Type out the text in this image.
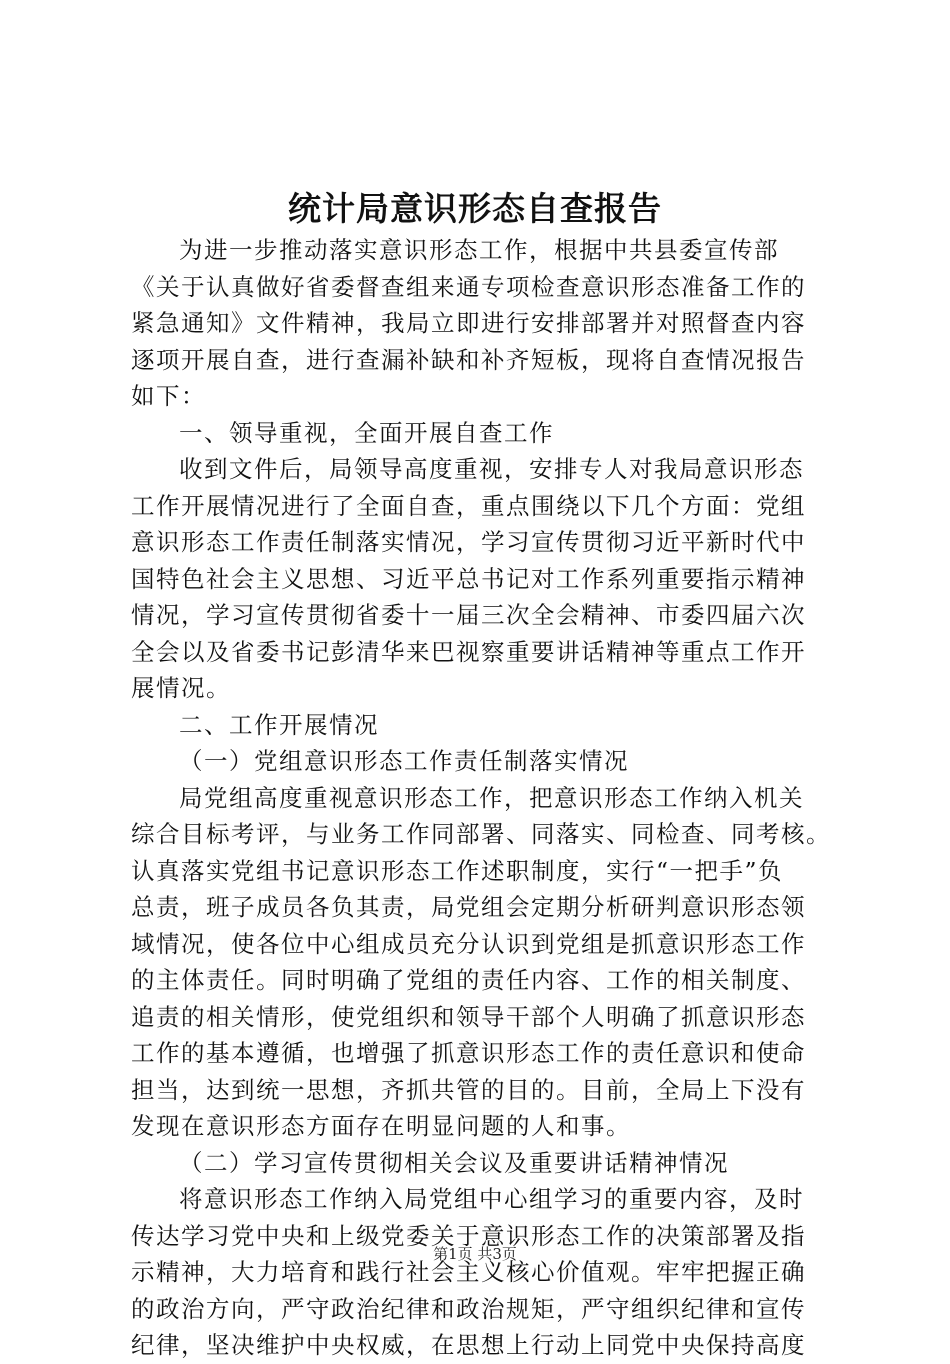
统计局意识形态自查报告
为进一步推动落实意识形态工作，根据中共县委宣传部
《关于认真做好省委督查组来通专项检查意识形态准备工作的
紧急通知》文件精神，我局立即进行安排部署并对照督查内容
逐项开展自查，进行查漏补缺和补齐短板，现将自查情况报告
如下：
一、领导重视，全面开展自查工作
收到文件后，局领导高度重视，安排专人对我局意识形态
工作开展情况进行了全面自查，重点围绕以下几个方面：党组
意识形态工作责任制落实情况，学习宣传贯彻习近平新时代中
国特色社会主义思想、习近平总书记对工作系列重要指示精神
情况，学习宣传贯彻省委十一届三次全会精神、市委四届六次
全会以及省委书记彭清华来巴视察重要讲话精神等重点工作开
展情况。
二、工作开展情况
（一）党组意识形态工作责任制落实情况
局党组高度重视意识形态工作，把意识形态工作纳入机关
综合目标考评，与业务工作同部署、同落实、同检查、同考核。
认真落实党组书记意识形态工作述职制度，实行“一把手”负
总责，班子成员各负其责，局党组会定期分析研判意识形态领
域情况，使各位中心组成员充分认识到党组是抓意识形态工作
的主体责任。同时明确了党组的责任内容、工作的相关制度、
追责的相关情形，使党组织和领导干部个人明确了抓意识形态
工作的基本遵循，也增强了抓意识形态工作的责任意识和使命
担当，达到统一思想，齐抓共管的目的。目前，全局上下没有
发现在意识形态方面存在明显问题的人和事。
（二）学习宣传贯彻相关会议及重要讲话精神情况
将意识形态工作纳入局党组中心组学习的重要内容，及时
传达学习党中央和上级党委关于意识形态工作的决策部署及指
示精神，大力培育和践行社会主义核心价值观。牢牢把握正确
的政治方向，严守政治纪律和政治规矩，严守组织纪律和宣传
纪律，坚决维护中央权威，在思想上行动上同党中央保持高度
第1页 共3页
